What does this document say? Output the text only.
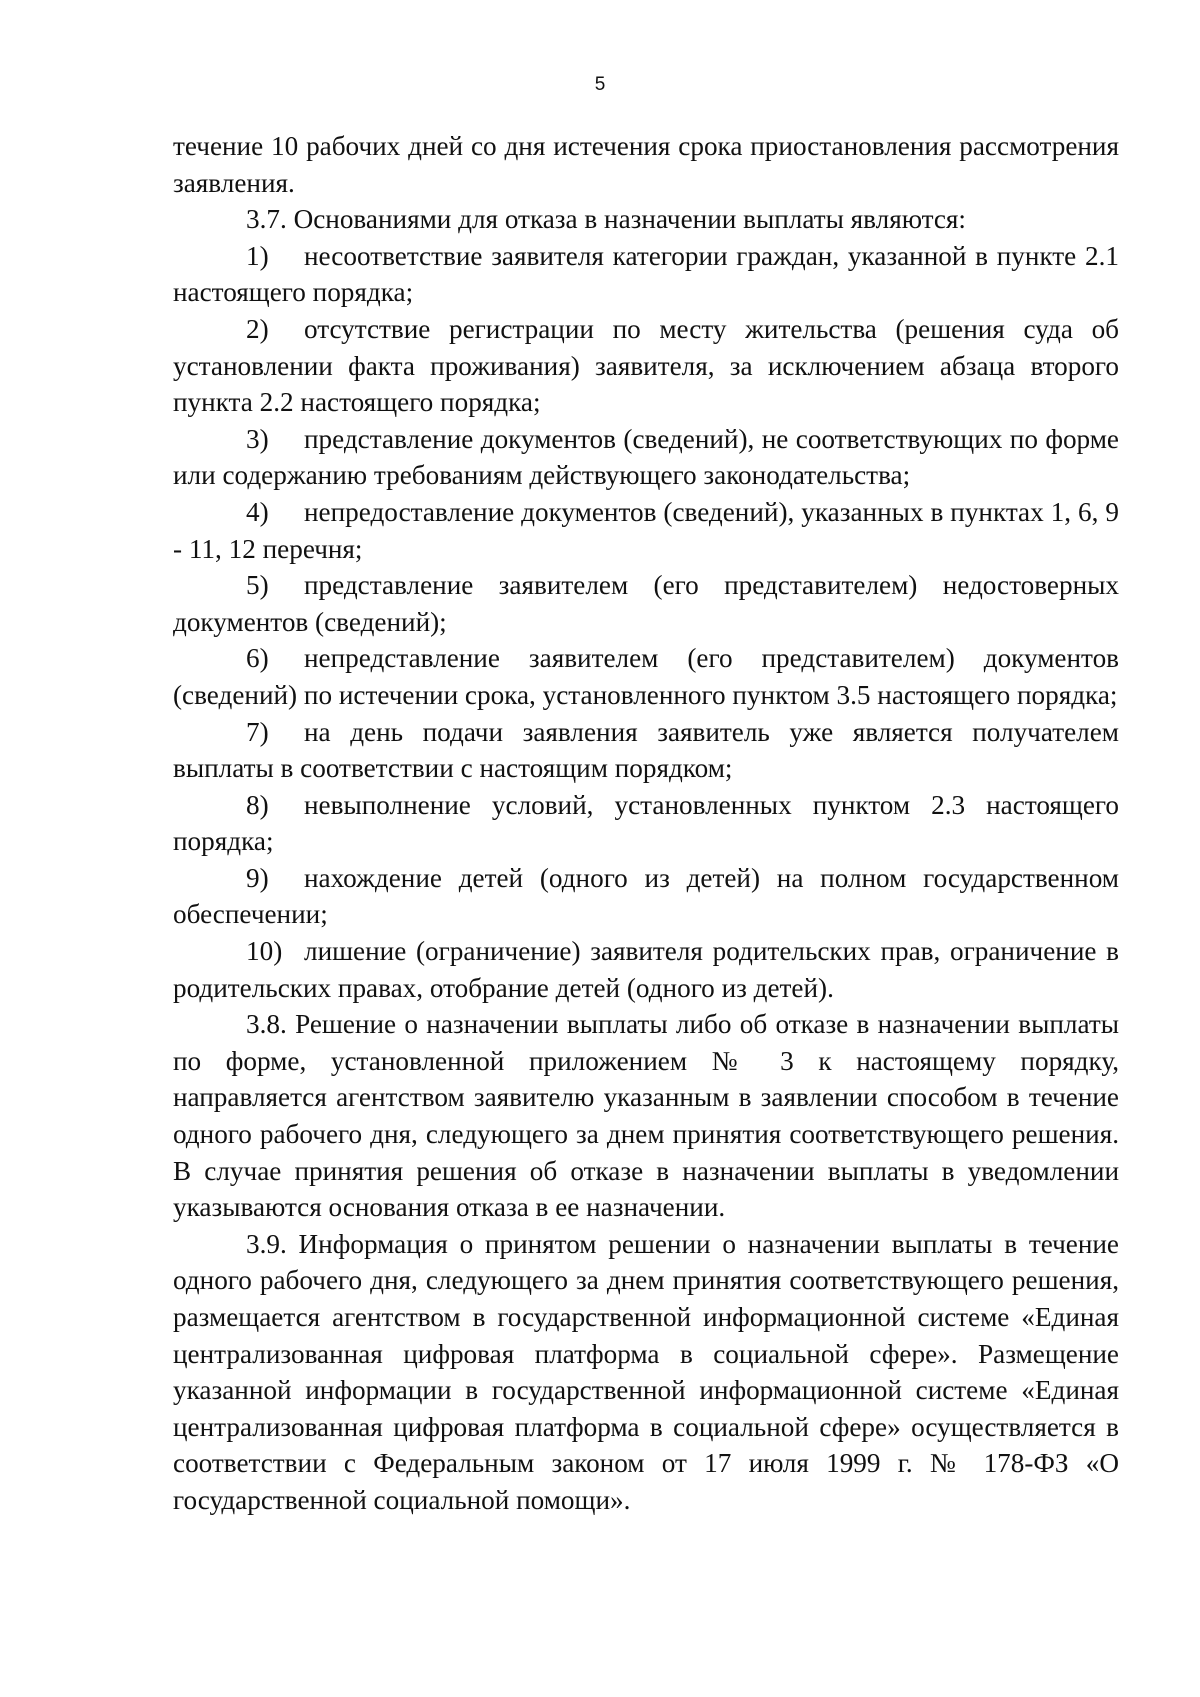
5

течение 10 рабочих дней со дня истечения срока приостановления рассмотрения заявления.

3.7. Основаниями для отказа в назначении выплаты являются:

1) несоответствие заявителя категории граждан, указанной в пункте 2.1 настоящего порядка;

2) отсутствие регистрации по месту жительства (решения суда об установлении факта проживания) заявителя, за исключением абзаца второго пункта 2.2 настоящего порядка;

3) представление документов (сведений), не соответствующих по форме или содержанию требованиям действующего законодательства;

4) непредоставление документов (сведений), указанных в пунктах 1, 6, 9 - 11, 12 перечня;

5) представление заявителем (его представителем) недостоверных документов (сведений);

6) непредставление заявителем (его представителем) документов (сведений) по истечении срока, установленного пунктом 3.5 настоящего порядка;

7) на день подачи заявления заявитель уже является получателем выплаты в соответствии с настоящим порядком;

8) невыполнение условий, установленных пунктом 2.3 настоящего порядка;

9) нахождение детей (одного из детей) на полном государственном обеспечении;

10) лишение (ограничение) заявителя родительских прав, ограничение в родительских правах, отобрание детей (одного из детей).

3.8. Решение о назначении выплаты либо об отказе в назначении выплаты по форме, установленной приложением № 3 к настоящему порядку, направляется агентством заявителю указанным в заявлении способом в течение одного рабочего дня, следующего за днем принятия соответствующего решения. В случае принятия решения об отказе в назначении выплаты в уведомлении указываются основания отказа в ее назначении.

3.9. Информация о принятом решении о назначении выплаты в течение одного рабочего дня, следующего за днем принятия соответствующего решения, размещается агентством в государственной информационной системе «Единая централизованная цифровая платформа в социальной сфере». Размещение указанной информации в государственной информационной системе «Единая централизованная цифровая платформа в социальной сфере» осуществляется в соответствии с Федеральным законом от 17 июля 1999 г. № 178-ФЗ «О государственной социальной помощи».
